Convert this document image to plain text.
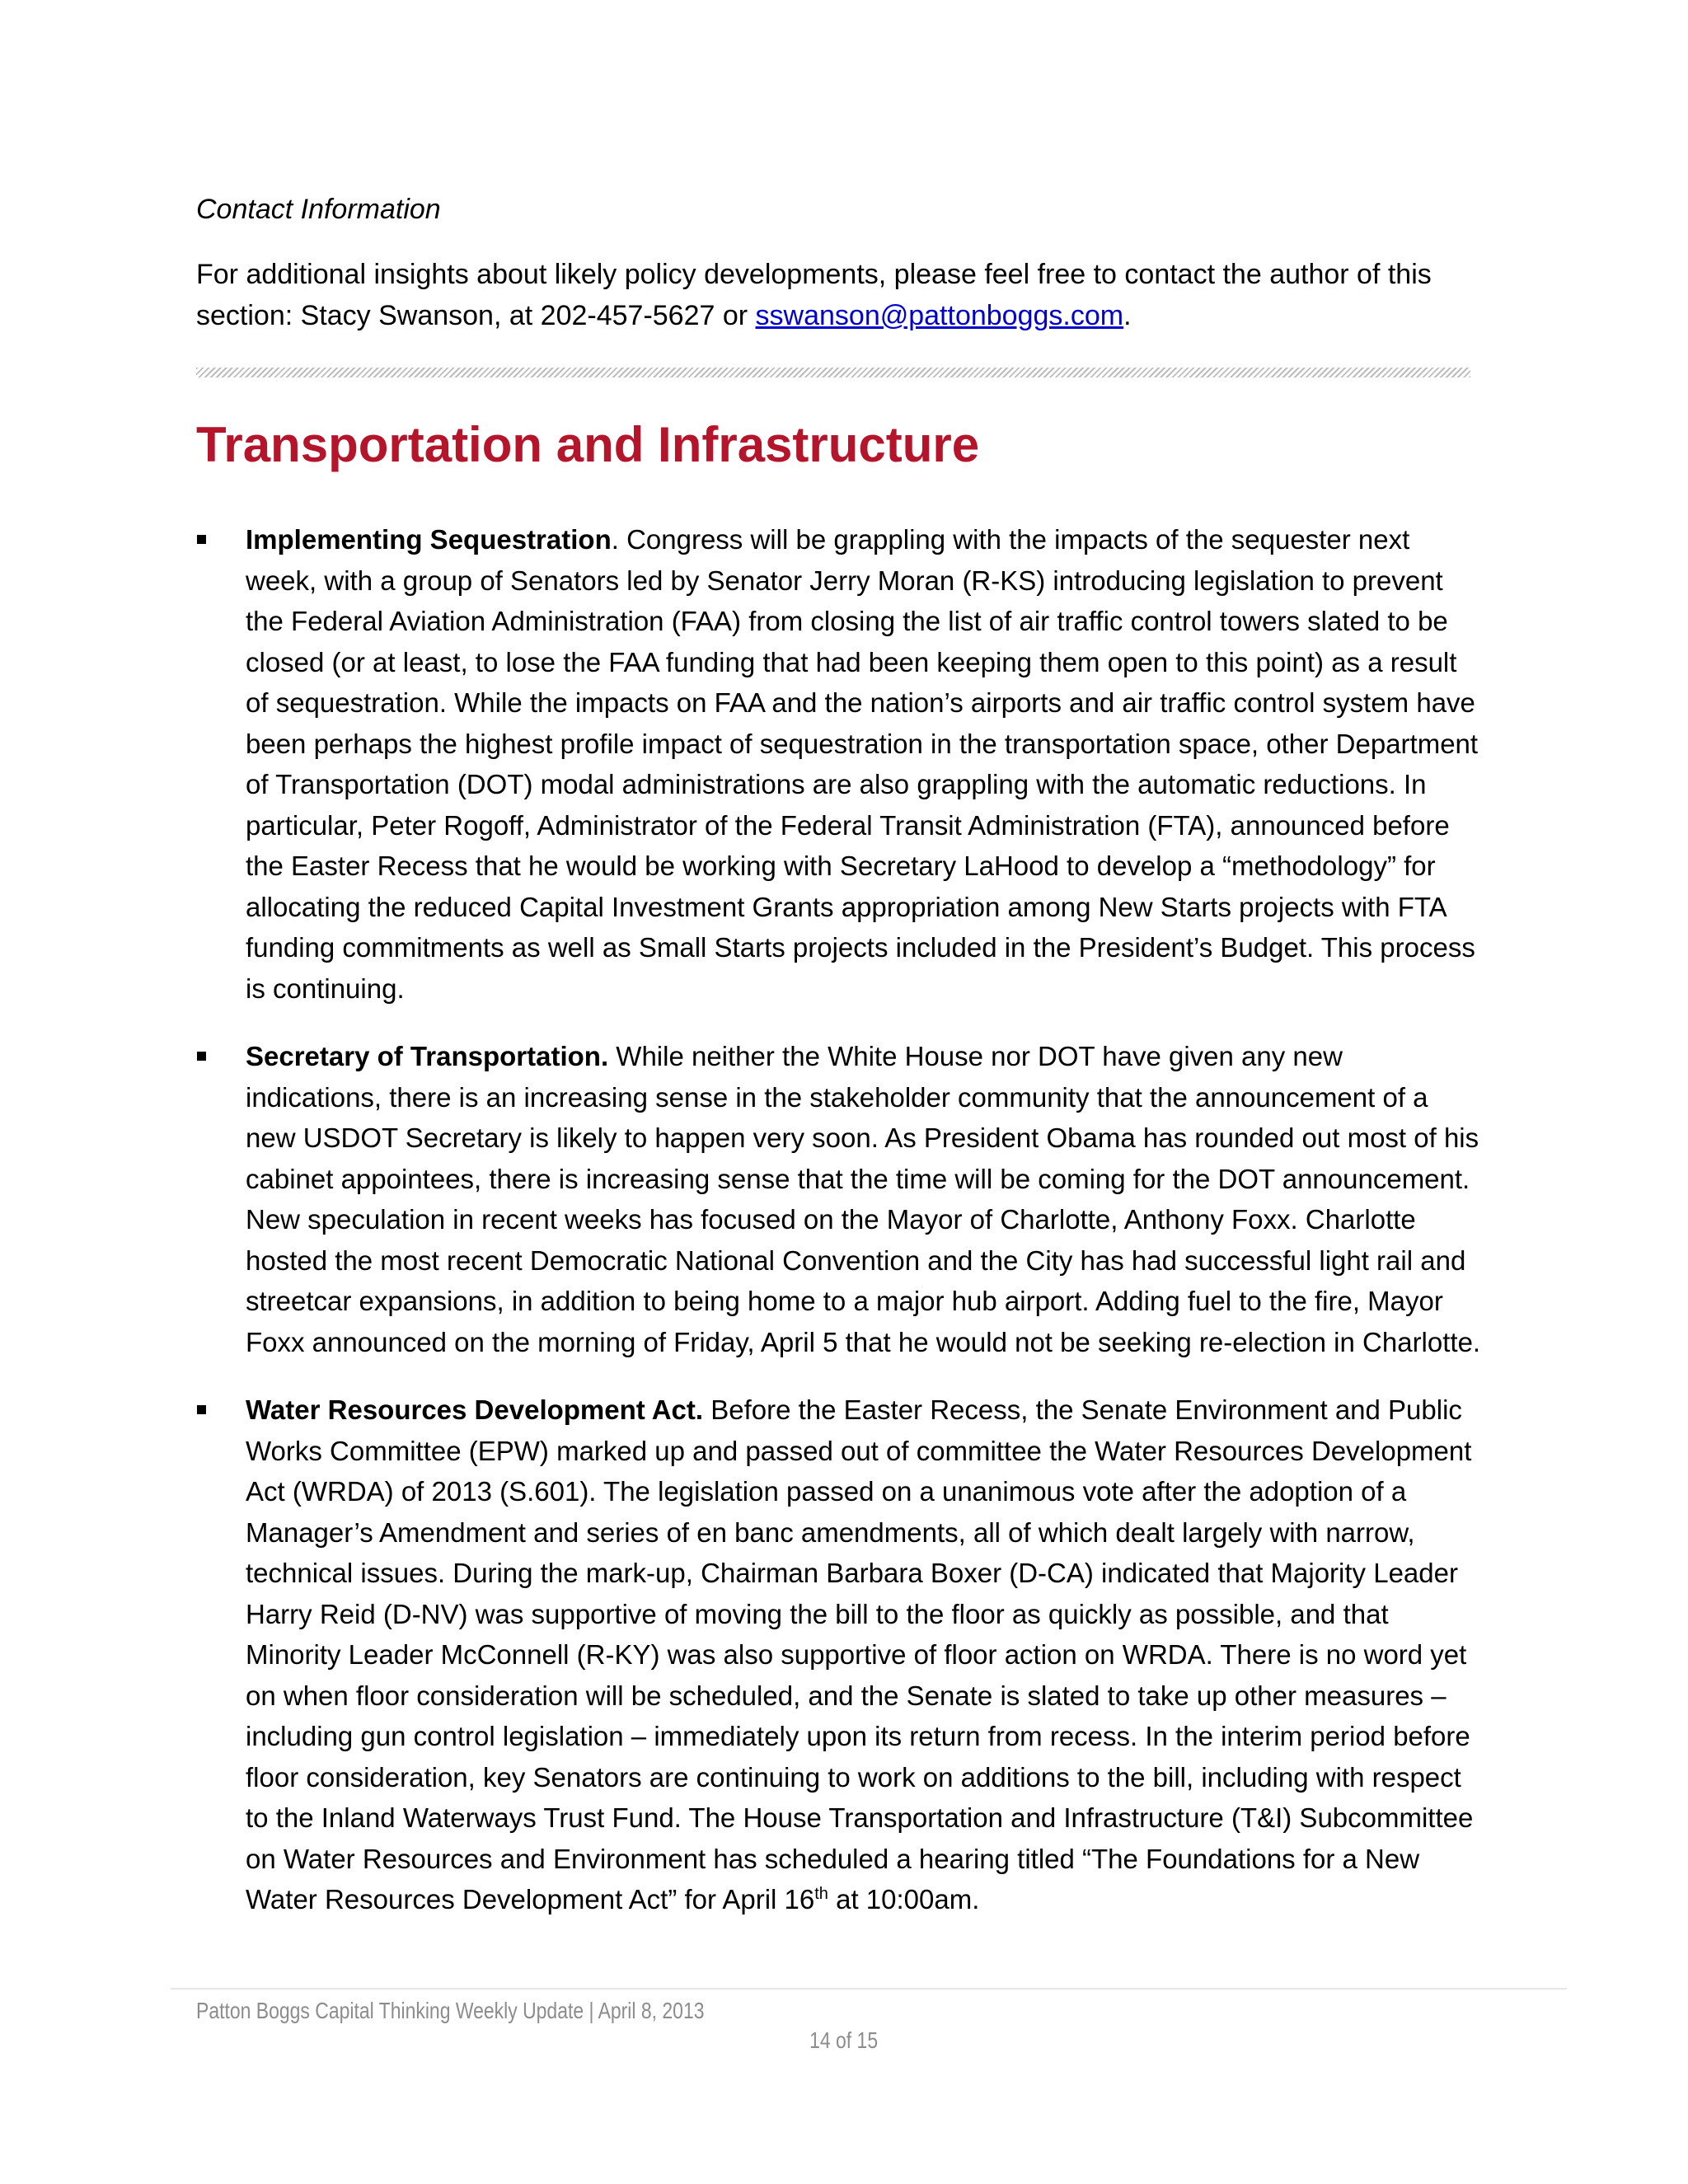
Contact Information

For additional insights about likely policy developments, please feel free to contact the author of this section: Stacy Swanson, at 202-457-5627 or sswanson@pattonboggs.com.

Transportation and Infrastructure
Implementing Sequestration. Congress will be grappling with the impacts of the sequester next week, with a group of Senators led by Senator Jerry Moran (R-KS) introducing legislation to prevent the Federal Aviation Administration (FAA) from closing the list of air traffic control towers slated to be closed (or at least, to lose the FAA funding that had been keeping them open to this point) as a result of sequestration. While the impacts on FAA and the nation’s airports and air traffic control system have been perhaps the highest profile impact of sequestration in the transportation space, other Department of Transportation (DOT) modal administrations are also grappling with the automatic reductions. In particular, Peter Rogoff, Administrator of the Federal Transit Administration (FTA), announced before the Easter Recess that he would be working with Secretary LaHood to develop a “methodology” for allocating the reduced Capital Investment Grants appropriation among New Starts projects with FTA funding commitments as well as Small Starts projects included in the President’s Budget. This process is continuing.
Secretary of Transportation. While neither the White House nor DOT have given any new indications, there is an increasing sense in the stakeholder community that the announcement of a new USDOT Secretary is likely to happen very soon. As President Obama has rounded out most of his cabinet appointees, there is increasing sense that the time will be coming for the DOT announcement. New speculation in recent weeks has focused on the Mayor of Charlotte, Anthony Foxx. Charlotte hosted the most recent Democratic National Convention and the City has had successful light rail and streetcar expansions, in addition to being home to a major hub airport. Adding fuel to the fire, Mayor Foxx announced on the morning of Friday, April 5 that he would not be seeking re-election in Charlotte.
Water Resources Development Act. Before the Easter Recess, the Senate Environment and Public Works Committee (EPW) marked up and passed out of committee the Water Resources Development Act (WRDA) of 2013 (S.601). The legislation passed on a unanimous vote after the adoption of a Manager’s Amendment and series of en banc amendments, all of which dealt largely with narrow, technical issues. During the mark-up, Chairman Barbara Boxer (D-CA) indicated that Majority Leader Harry Reid (D-NV) was supportive of moving the bill to the floor as quickly as possible, and that Minority Leader McConnell (R-KY) was also supportive of floor action on WRDA. There is no word yet on when floor consideration will be scheduled, and the Senate is slated to take up other measures – including gun control legislation – immediately upon its return from recess. In the interim period before floor consideration, key Senators are continuing to work on additions to the bill, including with respect to the Inland Waterways Trust Fund. The House Transportation and Infrastructure (T&I) Subcommittee on Water Resources and Environment has scheduled a hearing titled “The Foundations for a New Water Resources Development Act” for April 16th at 10:00am.
Patton Boggs Capital Thinking Weekly Update | April 8, 2013
14 of 15
